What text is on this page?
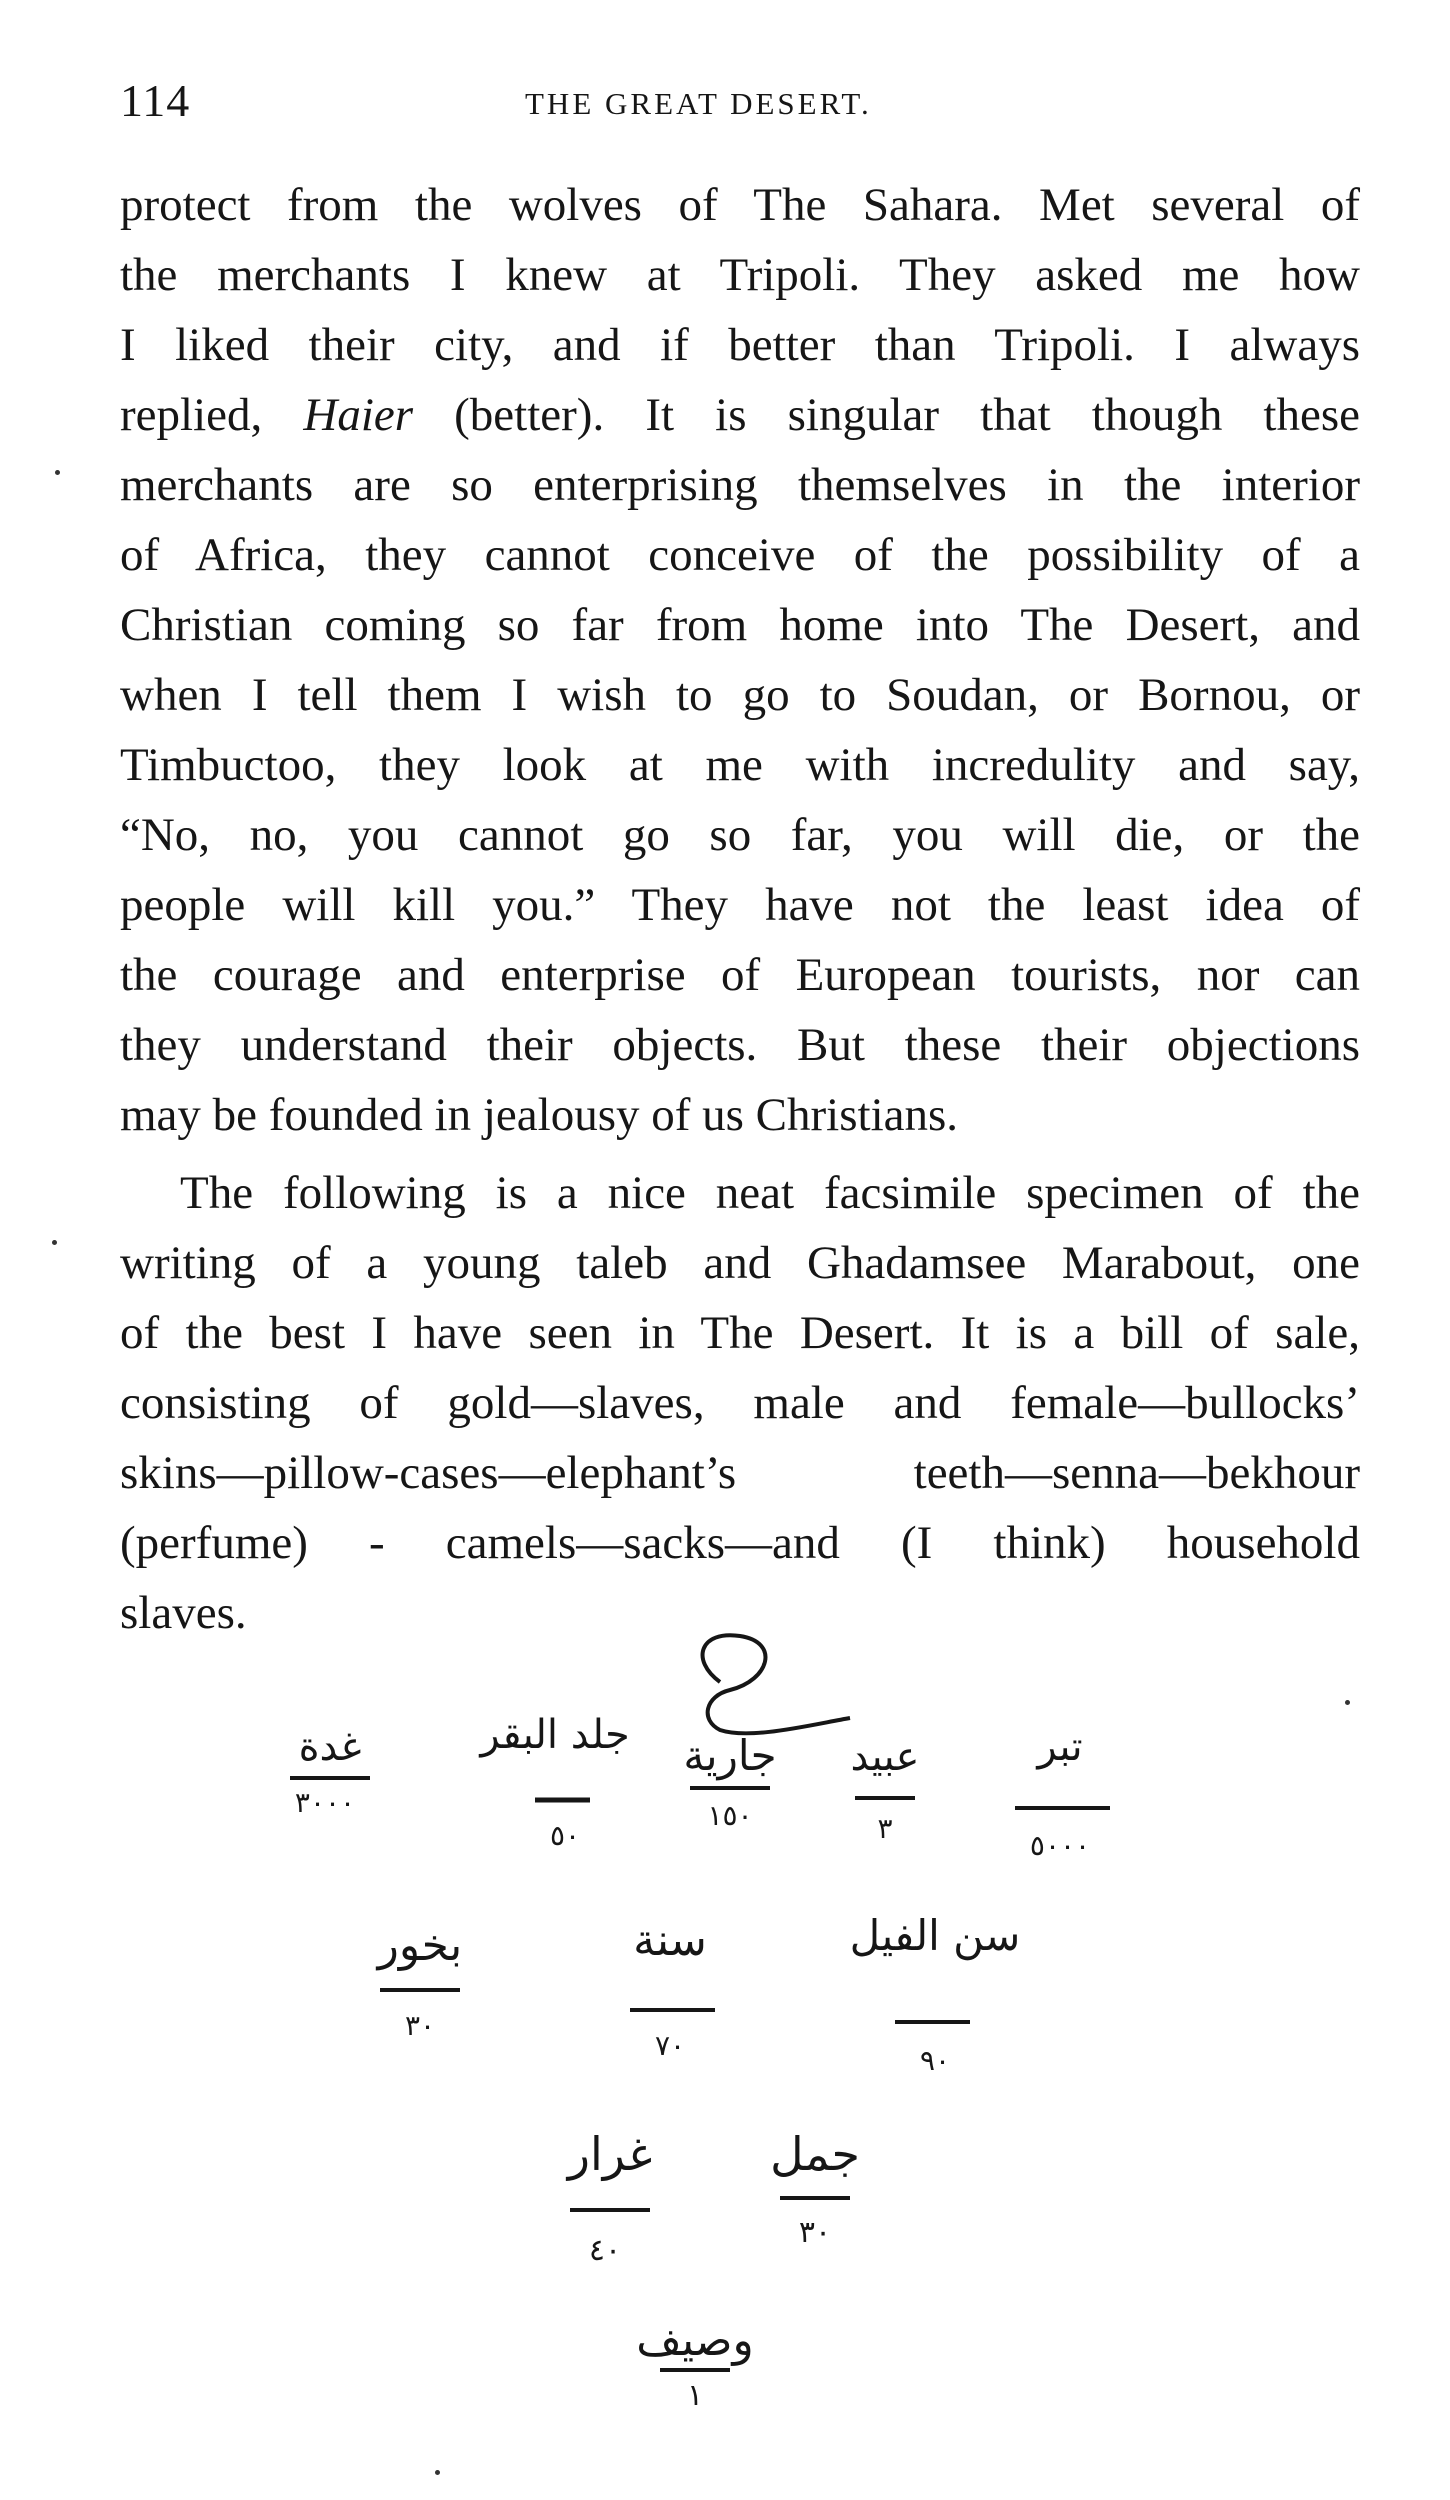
114	THE GREAT DESERT.
protect from the wolves of The Sahara. Met several of
the merchants I knew at Tripoli. They asked me how
I liked their city, and if better than Tripoli. I always
replied, Haier (better). It is singular that though these
merchants are so enterprising themselves in the interior
of Africa, they cannot conceive of the possibility of a
Christian coming so far from home into The Desert, and
when I tell them I wish to go to Soudan, or Bornou, or
Timbuctoo, they look at me with incredulity and say,
“No, no, you cannot go so far, you will die, or the
people will kill you.” They have not the least idea of
the courage and enterprise of European tourists, nor can
they understand their objects. But these their objections
may be founded in jealousy of us Christians.
The following is a nice neat facsimile specimen of the
writing of a young taleb and Ghadamsee Marabout, one
of the best I have seen in The Desert. It is a bill of sale,
consisting of gold—slaves, male and female—bullocks’
skins—pillow-cases—elephant’s teeth—senna—bekhour
(perfume) - camels—sacks—and (I think) household
slaves.
غدة
٣٠٠٠
جلد البقر
٥٠
جارية
١٥٠
عبيد
٣
تبر
٥٠٠٠
بخور
٣٠
سنة
٧٠
سن الفيل
٩٠
غرار
٤٠
جمل
٣٠
وصيف
١
